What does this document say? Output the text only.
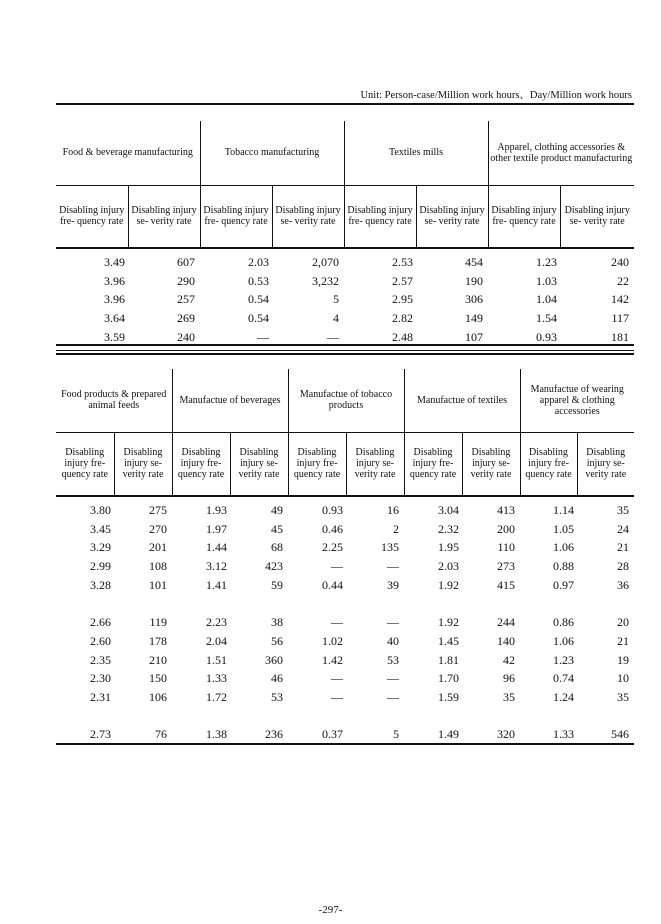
Unit: Person-case/Million work hours、Day/Million work hours

Food & beverage manufacturing		Tobacco manufacturing		Textiles mills		Apparel, clothing accessories & other textile product manufacturing	
Disabling injury fre- quency rate	Disabling injury se- verity rate	Disabling injury fre- quency rate	Disabling injury se- verity rate	Disabling injury fre- quency rate	Disabling injury se- verity rate	Disabling injury fre- quency rate	Disabling injury se- verity rate

3.49	607	2.03	2,070	2.53	454	1.23	240
3.96	290	0.53	3,232	2.57	190	1.03	22
3.96	257	0.54	5	2.95	306	1.04	142
3.64	269	0.54	4	2.82	149	1.54	117
3.59	240	—	—	2.48	107	0.93	181

Food products & prepared animal feeds		Manufactue of beverages		Manufactue of tobacco products		Manufactue of textiles		Manufactue of wearing apparel & clothing accessories	
Disabling injury fre- quency rate	Disabling injury se- verity rate	Disabling injury fre- quency rate	Disabling injury se- verity rate	Disabling injury fre- quency rate	Disabling injury se- verity rate	Disabling injury fre- quency rate	Disabling injury se- verity rate	Disabling injury fre- quency rate	Disabling injury se- verity rate

3.80	275	1.93	49	0.93	16	3.04	413	1.14	35
3.45	270	1.97	45	0.46	2	2.32	200	1.05	24
3.29	201	1.44	68	2.25	135	1.95	110	1.06	21
2.99	108	3.12	423	—	—	2.03	273	0.88	28
3.28	101	1.41	59	0.44	39	1.92	415	0.97	36

2.66	119	2.23	38	—	—	1.92	244	0.86	20
2.60	178	2.04	56	1.02	40	1.45	140	1.06	21
2.35	210	1.51	360	1.42	53	1.81	42	1.23	19
2.30	150	1.33	46	—	—	1.70	96	0.74	10
2.31	106	1.72	53	—	—	1.59	35	1.24	35

2.73	76	1.38	236	0.37	5	1.49	320	1.33	546
-297-
